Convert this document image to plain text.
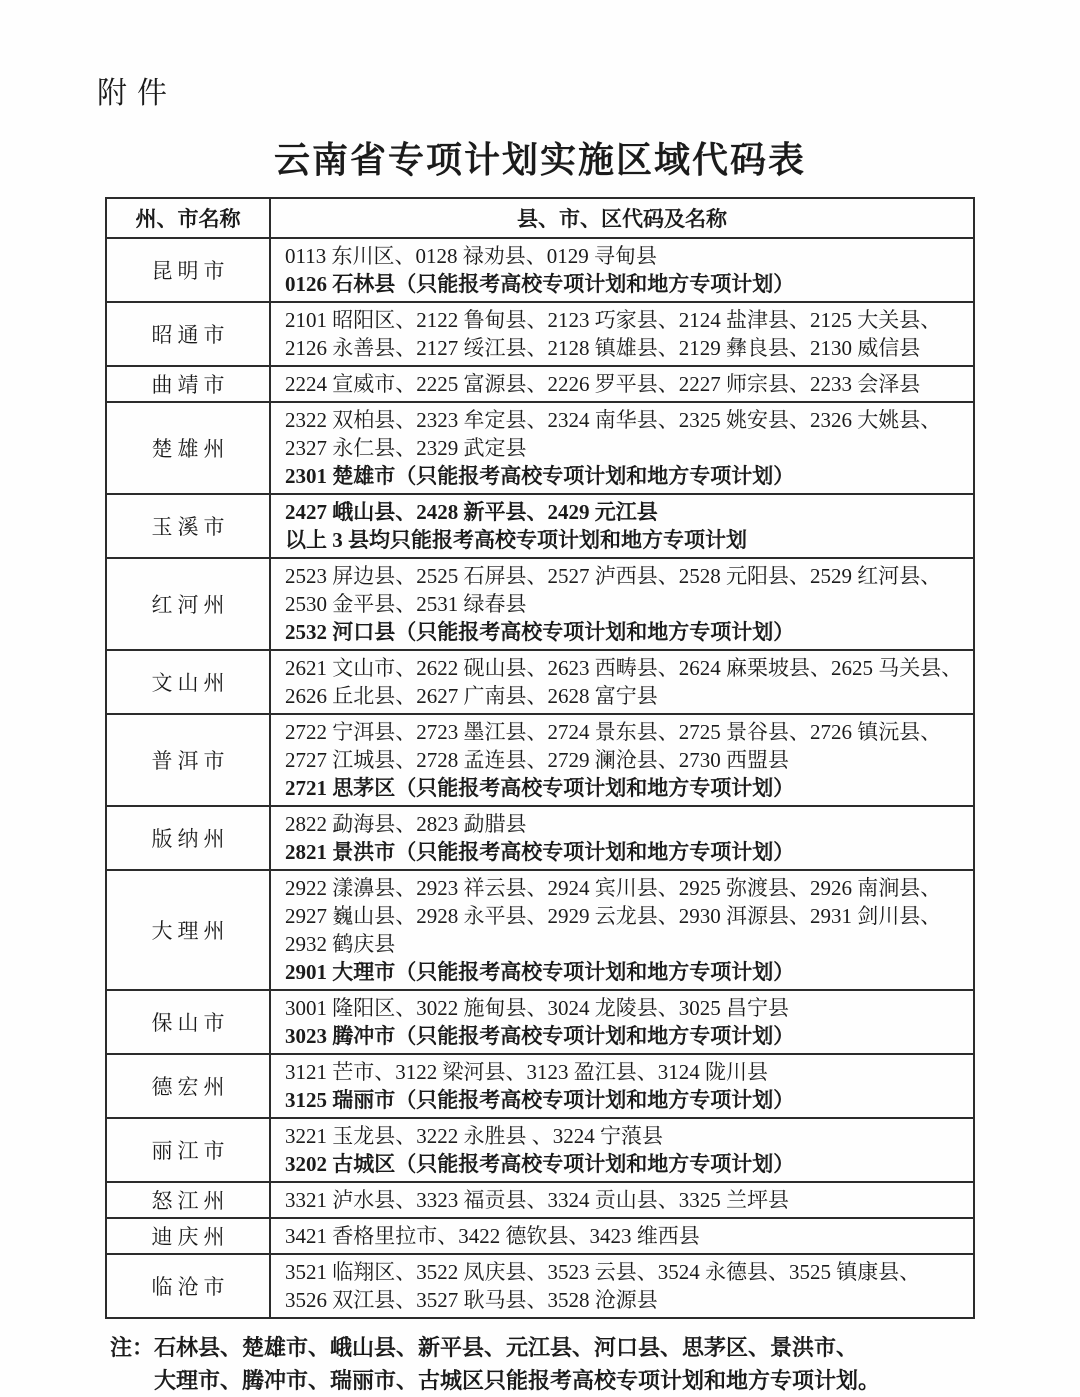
附件
云南省专项计划实施区域代码表
州、市名称	县、市、区代码及名称
昆明市	0113 东川区、0128 禄劝县、0129 寻甸县
0126 石林县（只能报考高校专项计划和地方专项计划）

昭通市	2101 昭阳区、2122 鲁甸县、2123 巧家县、2124 盐津县、2125 大关县、
2126 永善县、2127 绥江县、2128 镇雄县、2129 彝良县、2130 威信县

曲靖市	2224 宣威市、2225 富源县、2226 罗平县、2227 师宗县、2233 会泽县

楚雄州	2322 双柏县、2323 牟定县、2324 南华县、2325 姚安县、2326 大姚县、
2327 永仁县、2329 武定县
2301 楚雄市（只能报考高校专项计划和地方专项计划）

玉溪市	2427 峨山县、2428 新平县、2429 元江县
以上 3 县均只能报考高校专项计划和地方专项计划

红河州	2523 屏边县、2525 石屏县、2527 泸西县、2528 元阳县、2529 红河县、
2530 金平县、2531 绿春县
2532 河口县（只能报考高校专项计划和地方专项计划）

文山州	2621 文山市、2622 砚山县、2623 西畴县、2624 麻栗坡县、2625 马关县、
2626 丘北县、2627 广南县、2628 富宁县

普洱市	2722 宁洱县、2723 墨江县、2724 景东县、2725 景谷县、2726 镇沅县、
2727 江城县、2728 孟连县、2729 澜沧县、2730 西盟县
2721 思茅区（只能报考高校专项计划和地方专项计划）

版纳州	2822 勐海县、2823 勐腊县
2821 景洪市（只能报考高校专项计划和地方专项计划）

大理州	2922 漾濞县、2923 祥云县、2924 宾川县、2925 弥渡县、2926 南涧县、
2927 巍山县、2928 永平县、2929 云龙县、2930 洱源县、2931 剑川县、
2932 鹤庆县
2901 大理市（只能报考高校专项计划和地方专项计划）

保山市	3001 隆阳区、3022 施甸县、3024 龙陵县、3025 昌宁县
3023 腾冲市（只能报考高校专项计划和地方专项计划）

德宏州	3121 芒市、3122 梁河县、3123 盈江县、3124 陇川县
3125 瑞丽市（只能报考高校专项计划和地方专项计划）

丽江市	3221 玉龙县、3222 永胜县 、3224 宁蒗县
3202 古城区（只能报考高校专项计划和地方专项计划）

怒江州	3321 泸水县、3323 福贡县、3324 贡山县、3325 兰坪县

迪庆州	3421 香格里拉市、3422 德钦县、3423 维西县

临沧市	3521 临翔区、3522 凤庆县、3523 云县、3524 永德县、3525 镇康县、
3526 双江县、3527 耿马县、3528 沧源县
注： 石林县、楚雄市、峨山县、新平县、元江县、河口县、思茅区、景洪市、
大理市、腾冲市、瑞丽市、古城区只能报考高校专项计划和地方专项计划。
